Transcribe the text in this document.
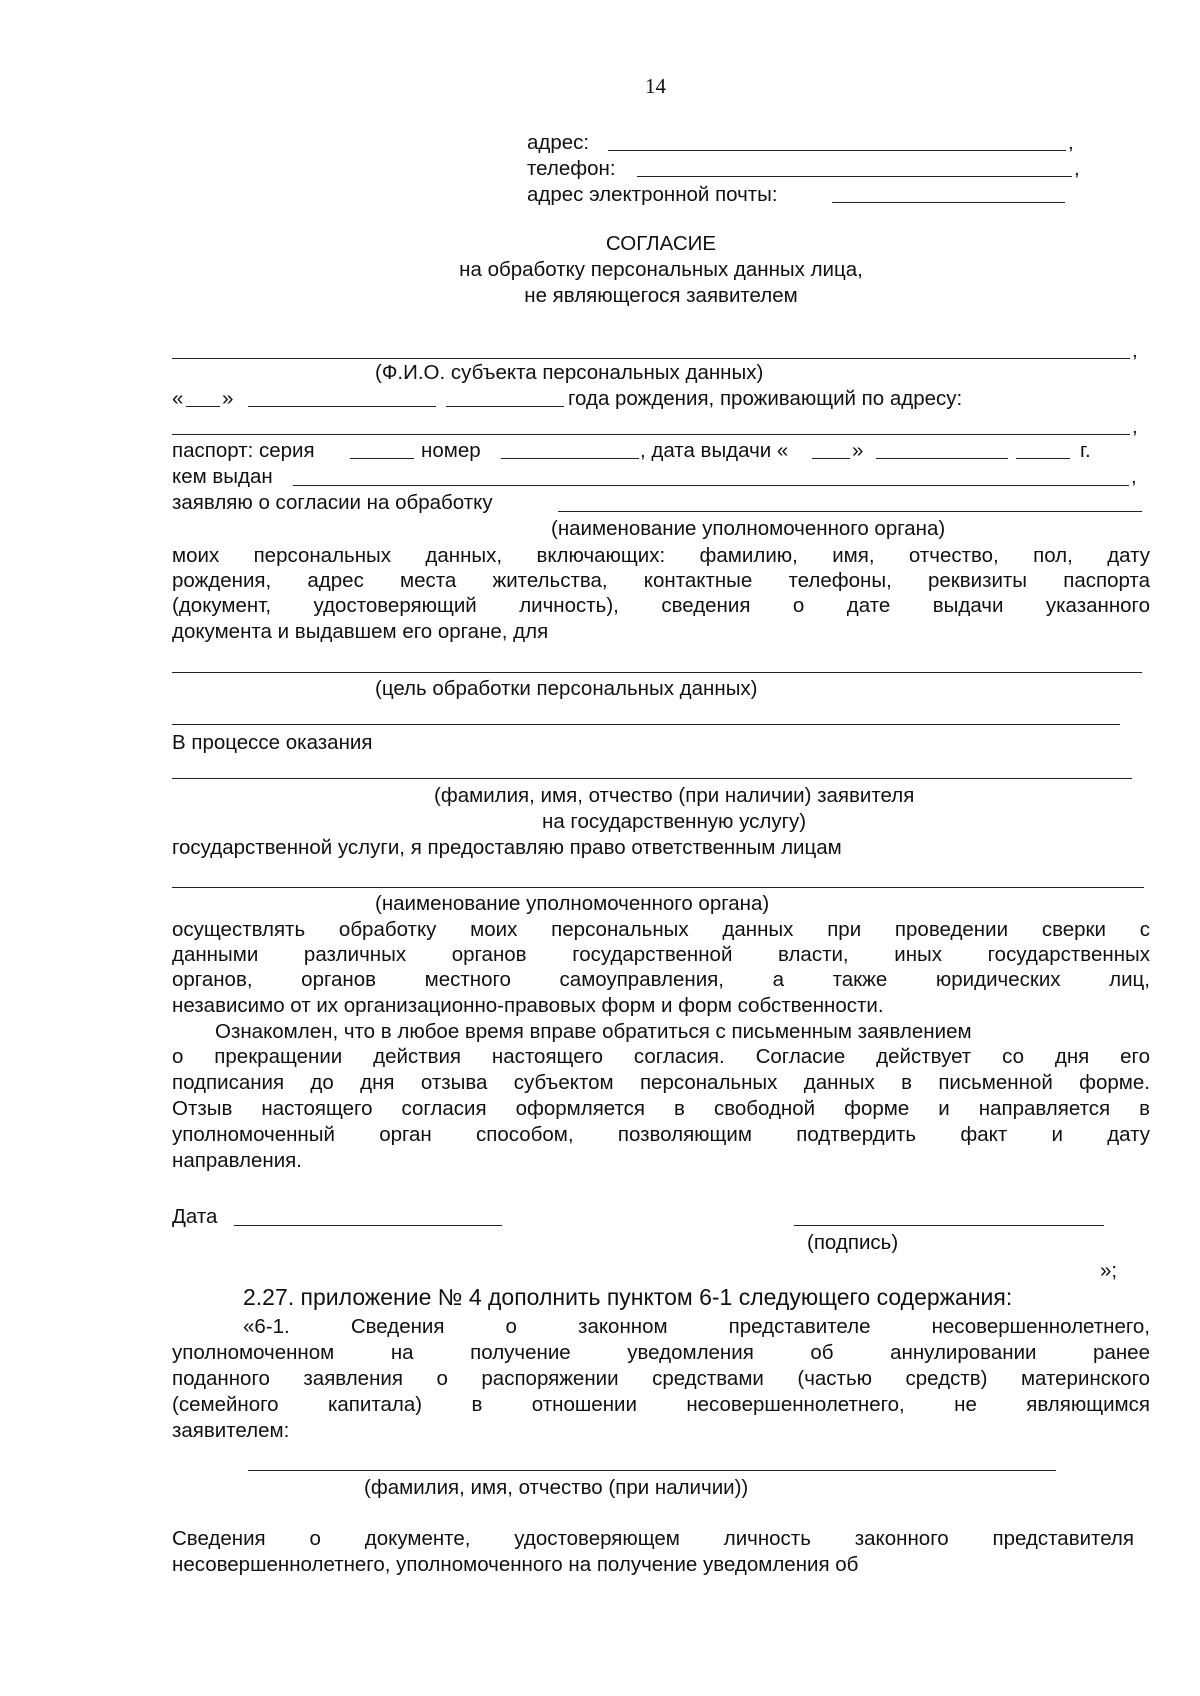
14
адрес:	,
телефон:	,
адрес электронной почты:
СОГЛАСИЕ
на обработку персональных данных лица,
не являющегося заявителем
,
(Ф.И.О. субъекта персональных данных)
« »	года рождения, проживающий по адресу:
,
паспорт: серия	номер	, дата выдачи «	»	г.
кем выдан	,
заявляю о согласии на обработку
(наименование уполномоченного органа)
моих персональных данных, включающих: фамилию, имя, отчество, пол, дату
рождения, адрес места жительства, контактные телефоны, реквизиты паспорта
(документ, удостоверяющий личность), сведения о дате выдачи указанного
документа и выдавшем его органе, для
(цель обработки персональных данных)
В процессе оказания
(фамилия, имя, отчество (при наличии) заявителя
на государственную услугу)
государственной услуги, я предоставляю право ответственным лицам
(наименование уполномоченного органа)
осуществлять обработку моих персональных данных при проведении сверки с
данными различных органов государственной власти, иных государственных
органов, органов местного самоуправления, а также юридических лиц,
независимо от их организационно-правовых форм и форм собственности.
Ознакомлен, что в любое время вправе обратиться с письменным заявлением
о прекращении действия настоящего согласия. Согласие действует со дня его
подписания до дня отзыва субъектом персональных данных в письменной форме.
Отзыв настоящего согласия оформляется в свободной форме и направляется в
уполномоченный орган способом, позволяющим подтвердить факт и дату
направления.
Дата
(подпись)
»;
2.27. приложение № 4 дополнить пунктом 6-1 следующего содержания:
«6-1. Сведения о законном представителе несовершеннолетнего,
уполномоченном на получение уведомления об аннулировании ранее
поданного заявления о распоряжении средствами (частью средств) материнского
(семейного капитала) в отношении несовершеннолетнего, не являющимся
заявителем:
(фамилия, имя, отчество (при наличии))
Сведения о документе, удостоверяющем личность законного представителя
несовершеннолетнего, уполномоченного на получение уведомления об
